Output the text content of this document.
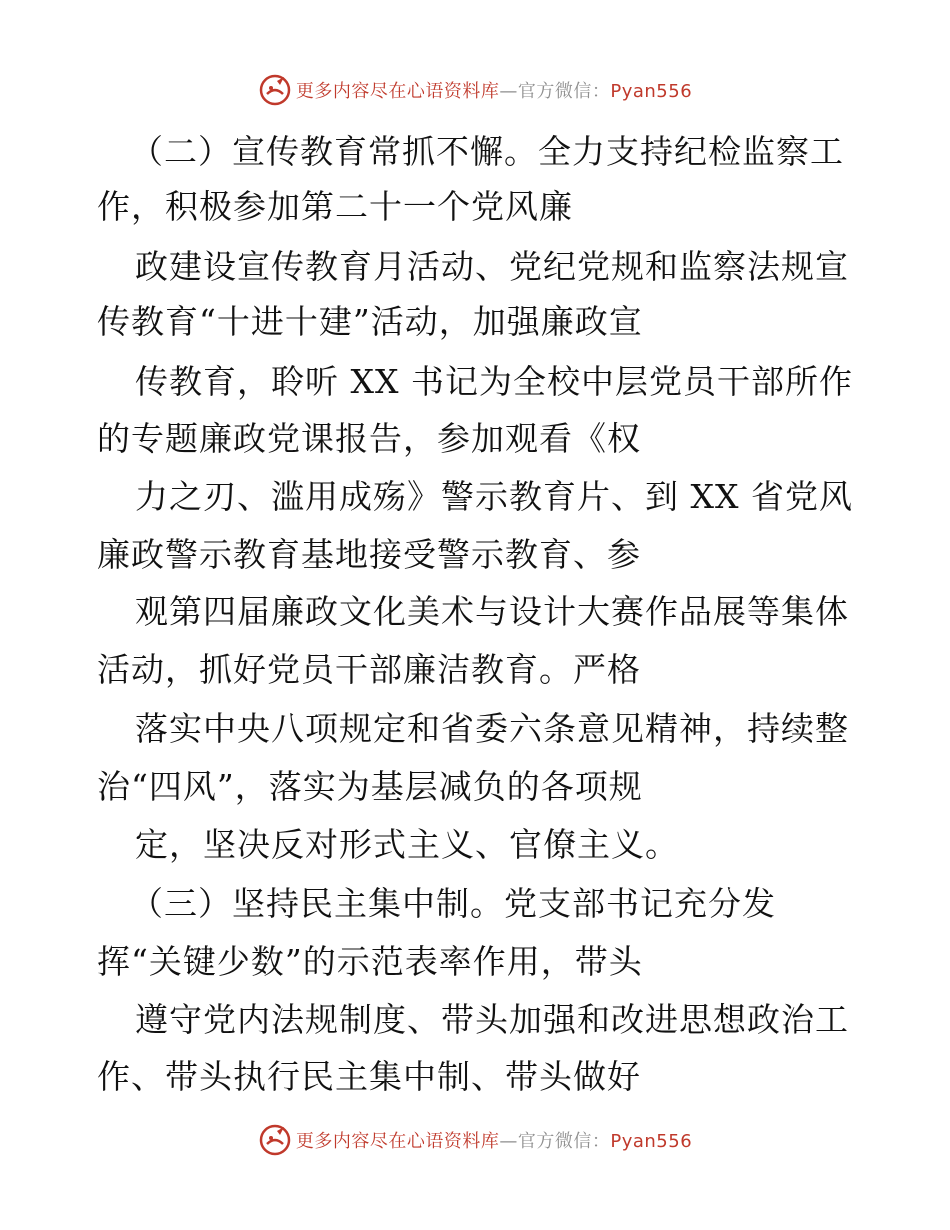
更多内容尽在心语资料库—官方微信：Pyan556
（二）宣传教育常抓不懈。全力支持纪检监察工
作，积极参加第二十一个党风廉
政建设宣传教育月活动、党纪党规和监察法规宣
传教育“十进十建”活动，加强廉政宣
传教育，聆听 XX 书记为全校中层党员干部所作
的专题廉政党课报告，参加观看《权
力之刃、滥用成殇》警示教育片、到 XX 省党风
廉政警示教育基地接受警示教育、参
观第四届廉政文化美术与设计大赛作品展等集体
活动，抓好党员干部廉洁教育。严格
落实中央八项规定和省委六条意见精神，持续整
治“四风”，落实为基层减负的各项规
定，坚决反对形式主义、官僚主义。
（三）坚持民主集中制。党支部书记充分发
挥“关键少数”的示范表率作用，带头
遵守党内法规制度、带头加强和改进思想政治工
作、带头执行民主集中制、带头做好
更多内容尽在心语资料库—官方微信：Pyan556
